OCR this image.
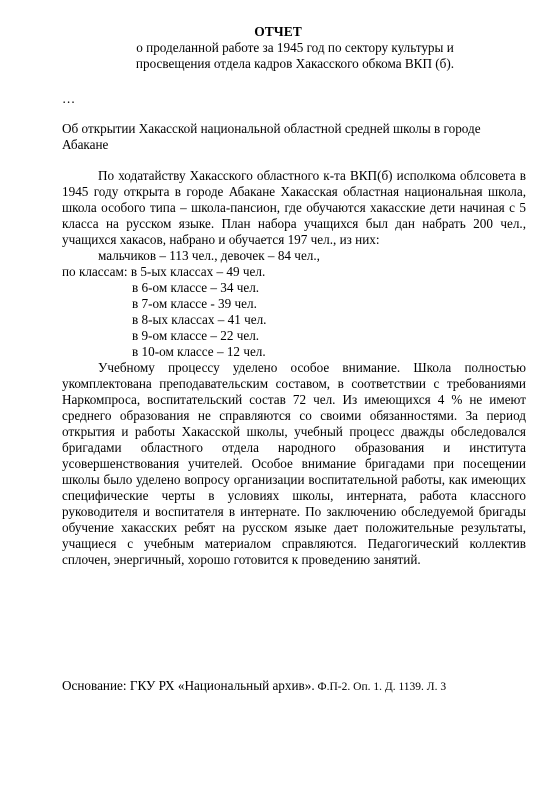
ОТЧЕТ
о проделанной работе за 1945 год по сектору культуры и
просвещения отдела кадров Хакасского обкома ВКП (б).
…
Об открытии Хакасской национальной областной средней школы в городе Абакане

По ходатайству Хакасского областного к-та ВКП(б) исполкома облсовета в 1945 году открыта в городе Абакане Хакасская областная национальная школа, школа особого типа – школа-пансион, где обучаются хакасские дети начиная с 5 класса на русском языке. План набора учащихся был дан набрать 200 чел., учащихся хакасов, набрано и обучается 197 чел., из них:

мальчиков – 113 чел., девочек – 84 чел.,
по классам: в 5-ых классах – 49 чел.
в 6-ом классе – 34 чел.
в 7-ом классе - 39 чел.
в 8-ых классах – 41 чел.
в 9-ом классе – 22 чел.
в 10-ом классе – 12 чел.

Учебному процессу уделено особое внимание. Школа полностью укомплектована преподавательским составом, в соответствии с требованиями Наркомпроса, воспитательский состав 72 чел. Из имеющихся 4 % не имеют среднего образования не справляются со своими обязанностями. За период открытия и работы Хакасской школы, учебный процесс дважды обследовался бригадами областного отдела народного образования и института усовершенствования учителей. Особое внимание бригадами при посещении школы было уделено вопросу организации воспитательной работы, как имеющих специфические черты в условиях школы, интерната, работа классного руководителя и воспитателя в интернате. По заключению обследуемой бригады обучение хакасских ребят на русском языке дает положительные результаты, учащиеся с учебным материалом справляются. Педагогический коллектив сплочен, энергичный, хорошо готовится к проведению занятий.

Основание: ГКУ РХ «Национальный архив». Ф.П-2. Оп. 1. Д. 1139. Л. 3
